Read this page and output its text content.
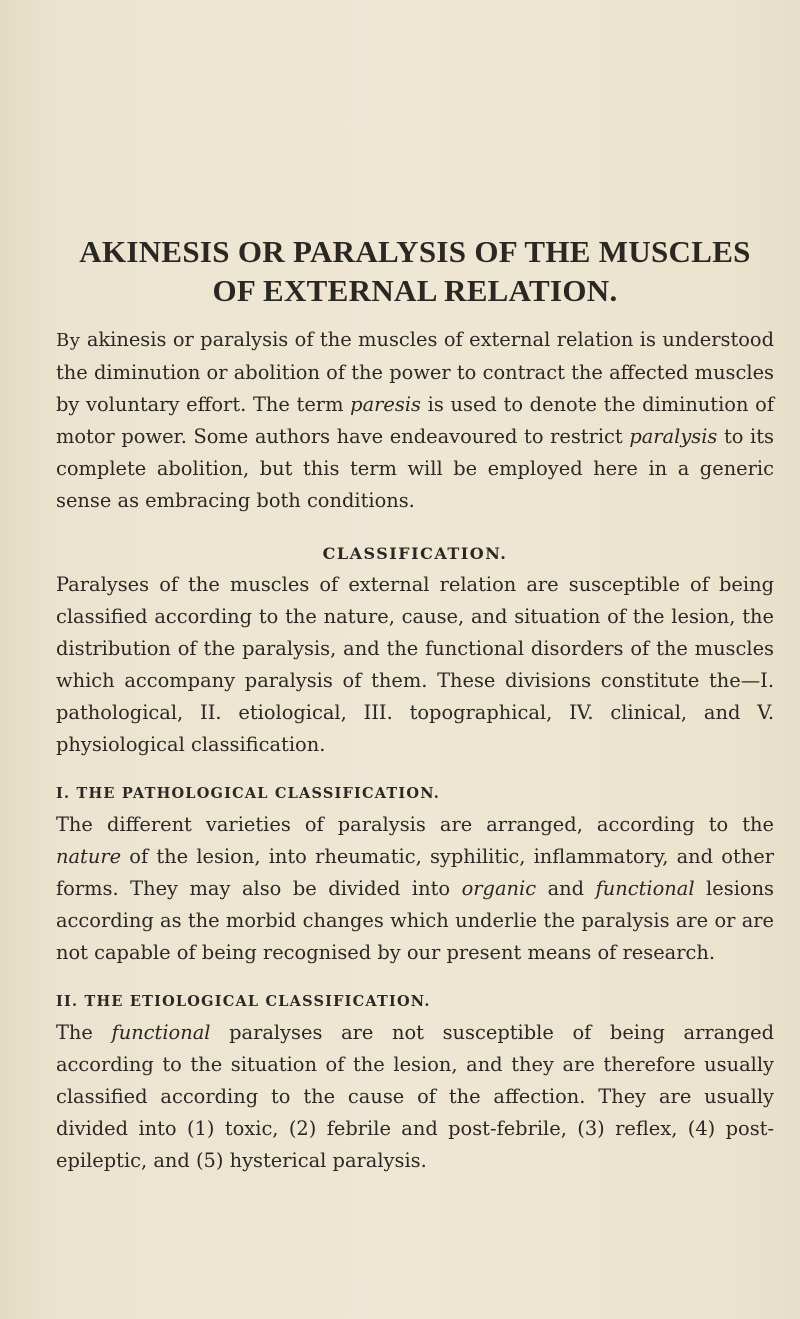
AKINESIS OR PARALYSIS OF THE MUSCLES
OF EXTERNAL RELATION.

By akinesis or paralysis of the muscles of external relation is understood the diminution or abolition of the power to contract the affected muscles by voluntary effort. The term paresis is used to denote the diminution of motor power. Some authors have endeavoured to restrict paralysis to its complete abolition, but this term will be employed here in a generic sense as embracing both conditions.

CLASSIFICATION.

Paralyses of the muscles of external relation are susceptible of being classified according to the nature, cause, and situation of the lesion, the distribution of the paralysis, and the functional disorders of the muscles which accompany paralysis of them. These divisions constitute the—I. pathological, II. etiological, III. topographical, IV. clinical, and V. physiological classification.

I. THE PATHOLOGICAL CLASSIFICATION.

The different varieties of paralysis are arranged, according to the nature of the lesion, into rheumatic, syphilitic, inflammatory, and other forms. They may also be divided into organic and functional lesions according as the morbid changes which underlie the paralysis are or are not capable of being recognised by our present means of research.

II. THE ETIOLOGICAL CLASSIFICATION.

The functional paralyses are not susceptible of being arranged according to the situation of the lesion, and they are therefore usually classified according to the cause of the affection. They are usually divided into (1) toxic, (2) febrile and post-febrile, (3) reflex, (4) post-epileptic, and (5) hysterical paralysis.
